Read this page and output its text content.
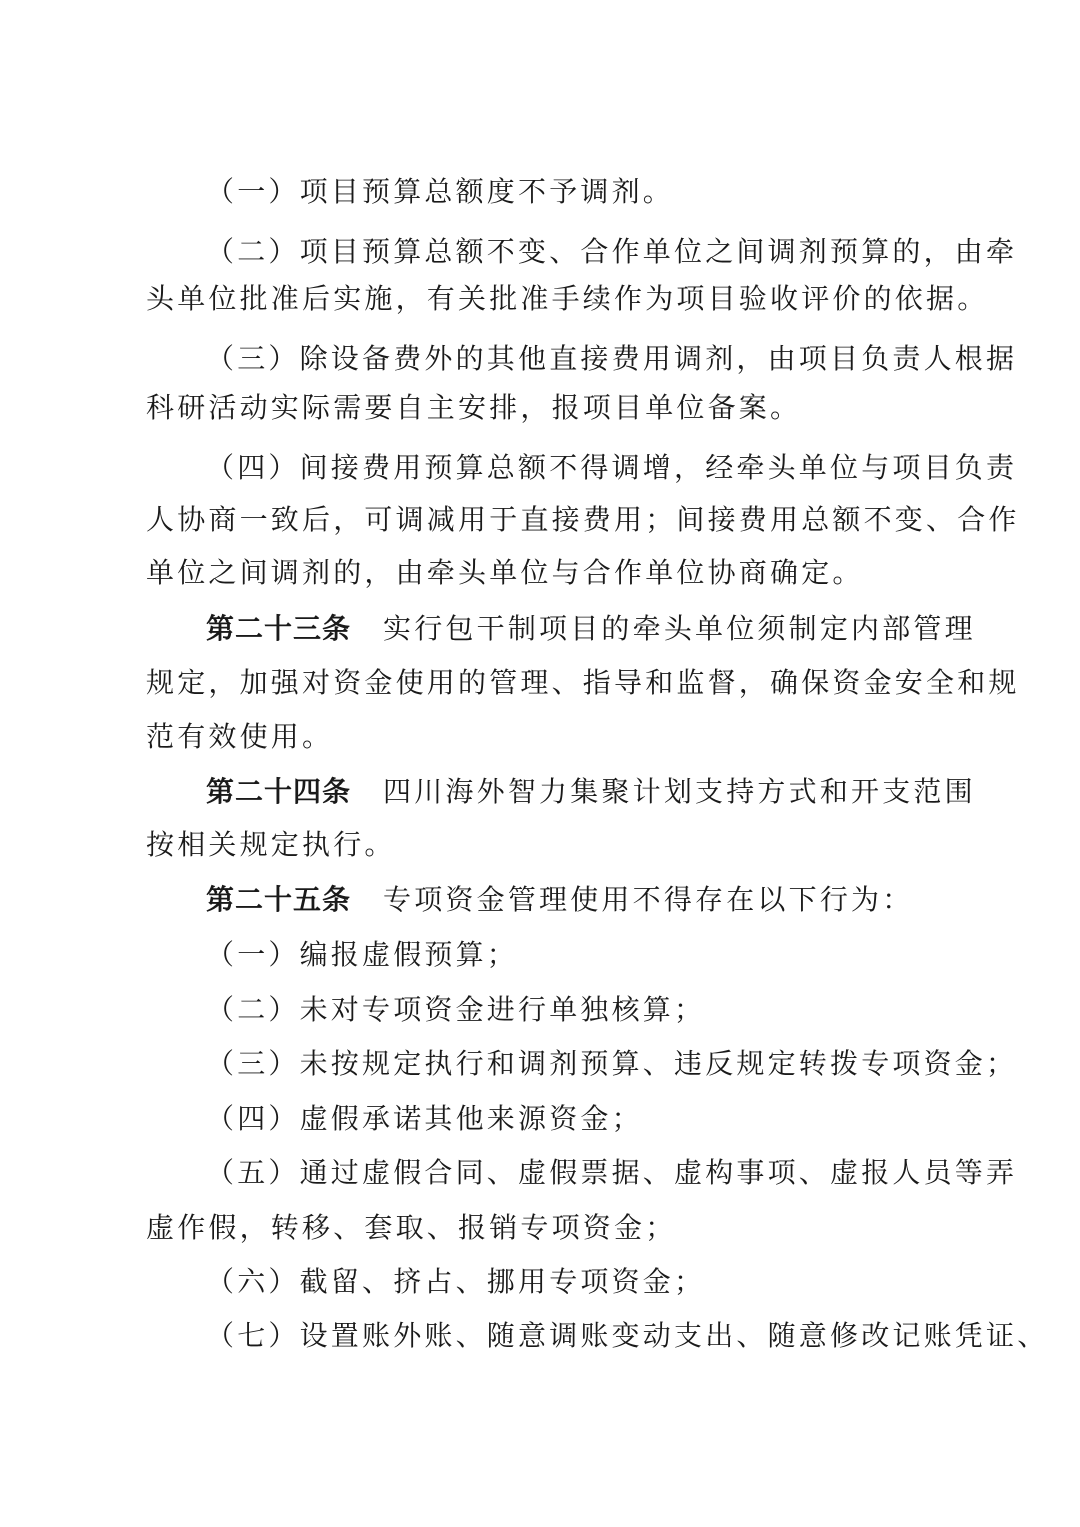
（一）项目预算总额度不予调剂。
（二）项目预算总额不变、合作单位之间调剂预算的，由牵
头单位批准后实施，有关批准手续作为项目验收评价的依据。
（三）除设备费外的其他直接费用调剂，由项目负责人根据
科研活动实际需要自主安排，报项目单位备案。
（四）间接费用预算总额不得调增，经牵头单位与项目负责
人协商一致后，可调减用于直接费用；间接费用总额不变、合作
单位之间调剂的，由牵头单位与合作单位协商确定。
第二十三条 实行包干制项目的牵头单位须制定内部管理
规定，加强对资金使用的管理、指导和监督，确保资金安全和规
范有效使用。
第二十四条 四川海外智力集聚计划支持方式和开支范围
按相关规定执行。
第二十五条 专项资金管理使用不得存在以下行为：
（一）编报虚假预算；
（二）未对专项资金进行单独核算；
（三）未按规定执行和调剂预算、违反规定转拨专项资金；
（四）虚假承诺其他来源资金；
（五）通过虚假合同、虚假票据、虚构事项、虚报人员等弄
虚作假，转移、套取、报销专项资金；
（六）截留、挤占、挪用专项资金；
（七）设置账外账、随意调账变动支出、随意修改记账凭证、
